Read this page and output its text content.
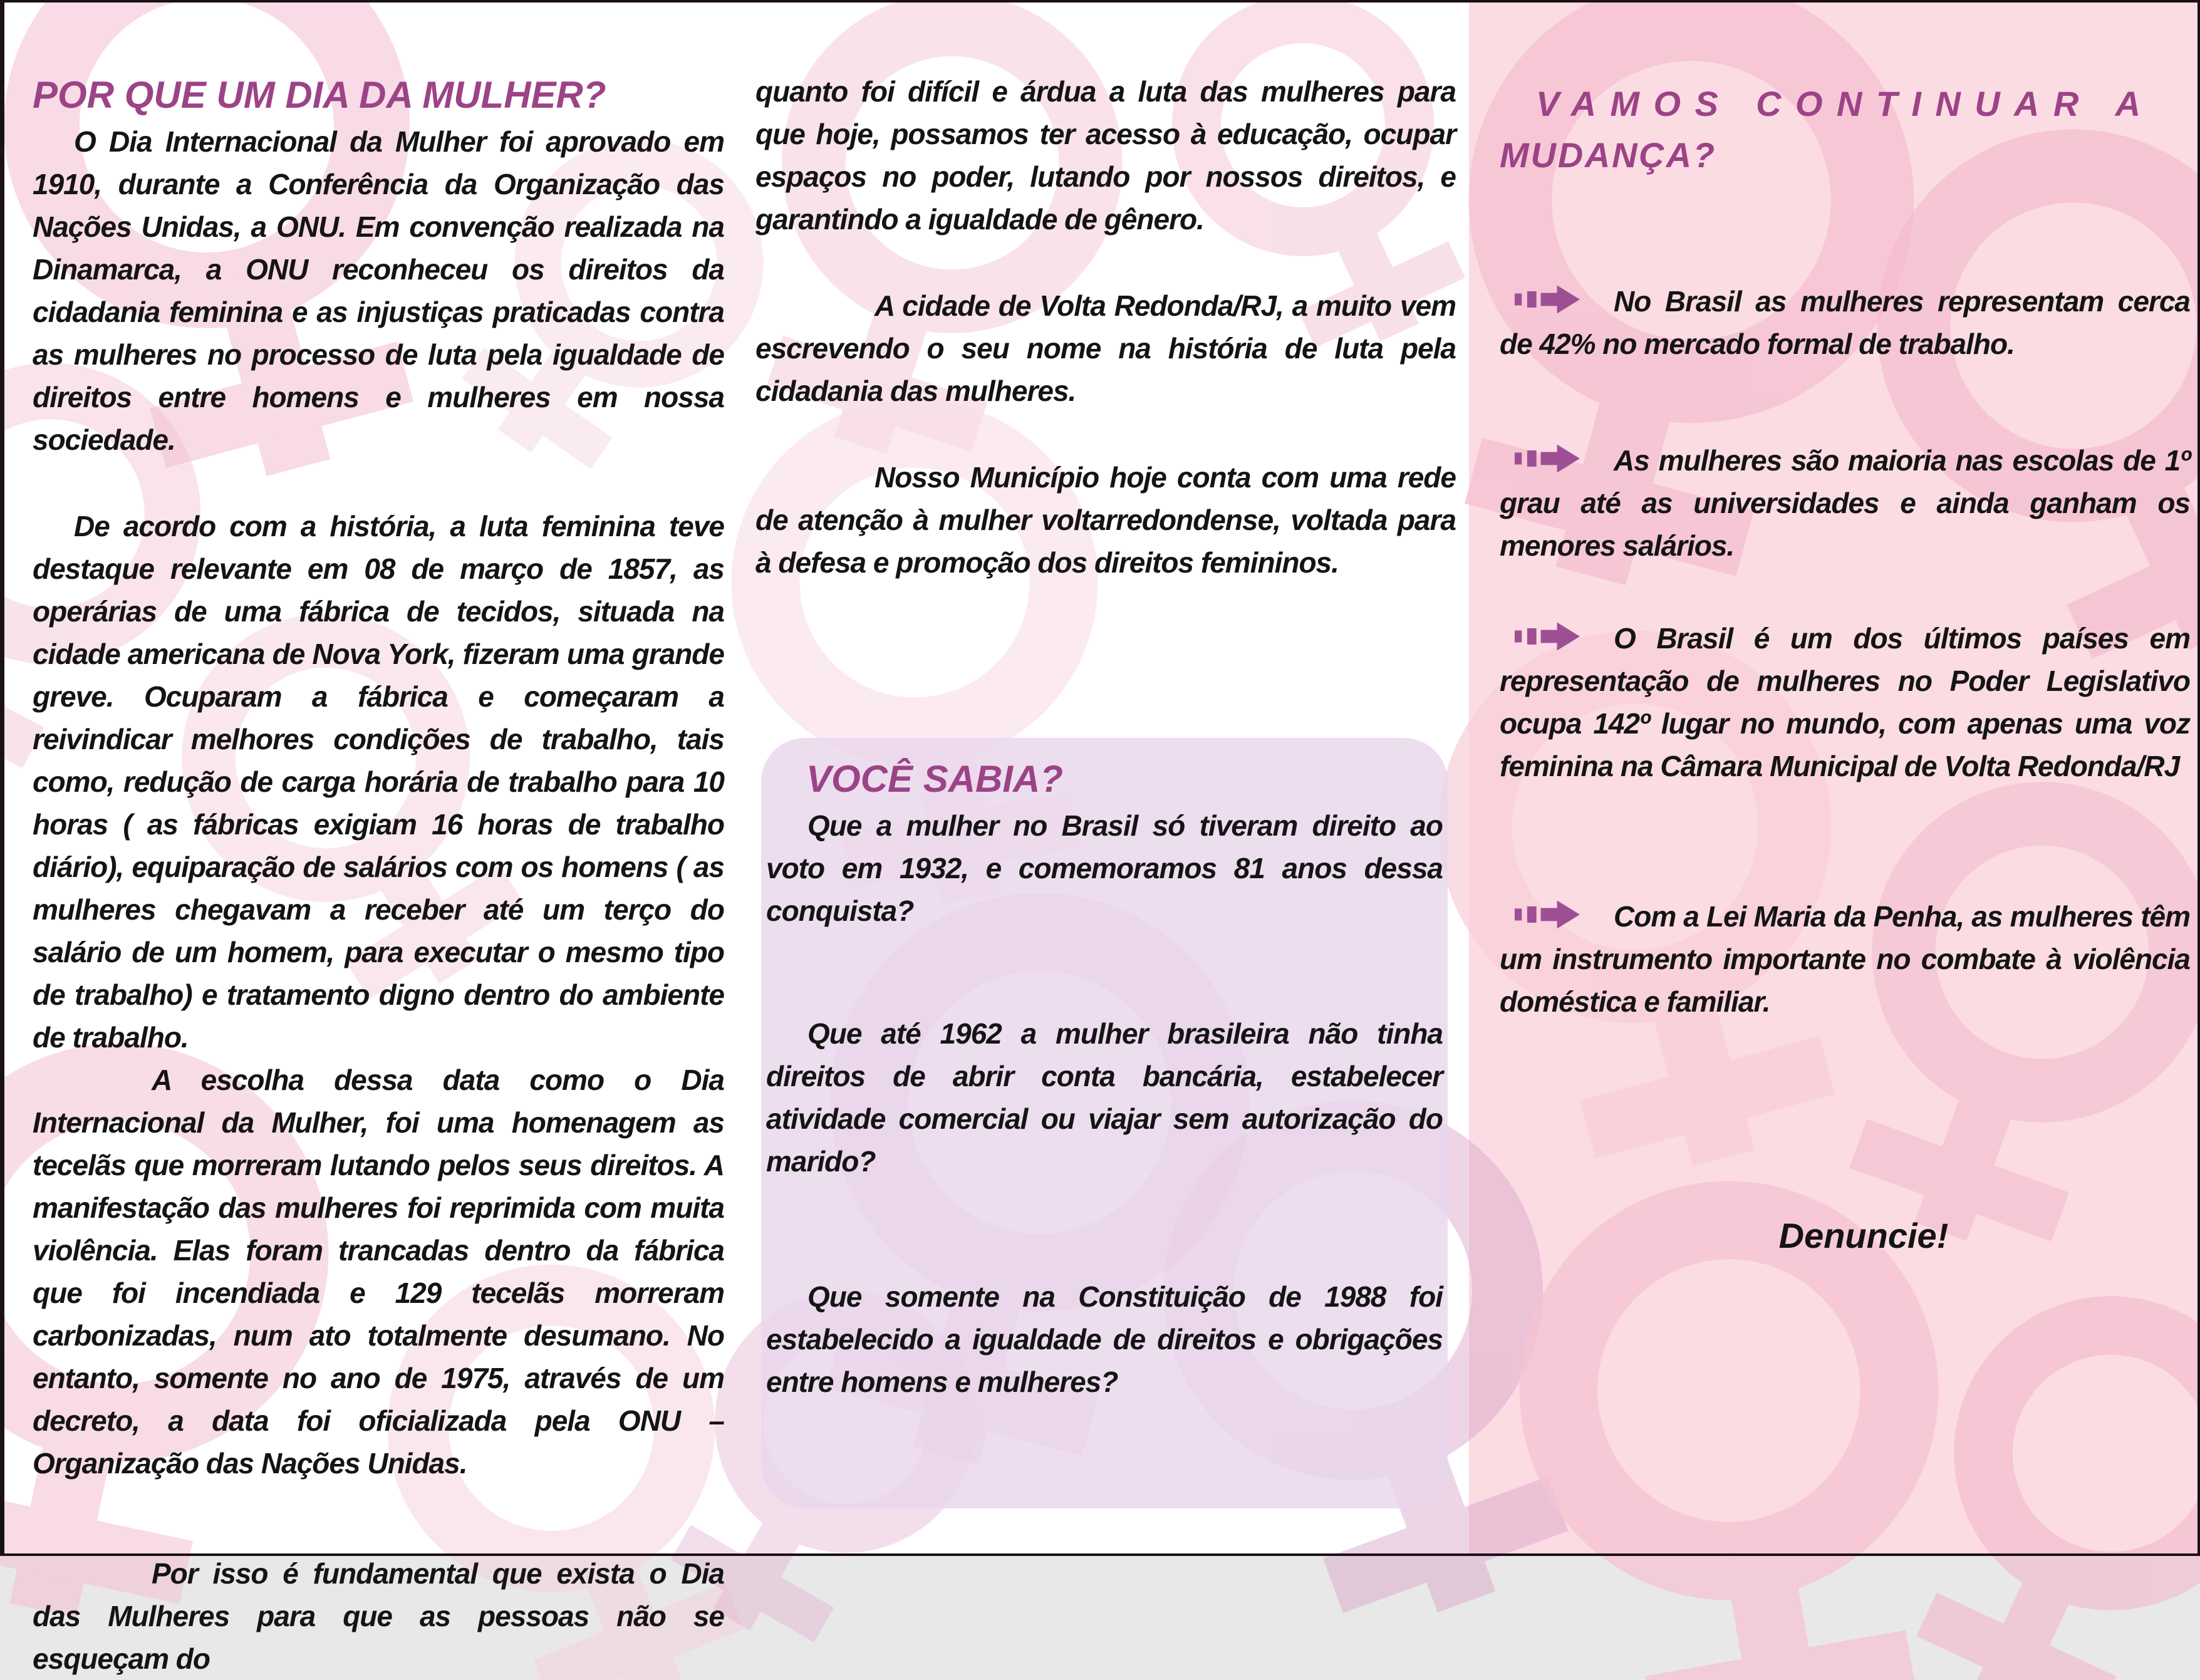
POR QUE UM DIA DA MULHER?

O Dia Internacional da Mulher foi aprovado em 1910, durante a Conferência da Organização das Nações Unidas, a ONU. Em convenção realizada na Dinamarca, a ONU reconheceu os direitos da cidadania feminina e as injustiças praticadas contra as mulheres no processo de luta pela igualdade de direitos entre homens e mulheres em nossa sociedade.

De acordo com a história, a luta feminina teve destaque relevante em 08 de março de 1857, as operárias de uma fábrica de tecidos, situada na cidade americana de Nova York, fizeram uma grande greve. Ocuparam a fábrica e começaram a reivindicar melhores condições de trabalho, tais como, redução de carga horária de trabalho para 10 horas ( as fábricas exigiam 16 horas de trabalho diário), equiparação de salários com os homens ( as mulheres chegavam a receber até um terço do salário de um homem, para executar o mesmo tipo de trabalho) e tratamento digno dentro do ambiente de trabalho.

A escolha dessa data como o Dia Internacional da Mulher, foi uma homenagem as tecelãs que morreram lutando pelos seus direitos. A manifestação das mulheres foi reprimida com muita violência. Elas foram trancadas dentro da fábrica que foi incendiada e 129 tecelãs morreram carbonizadas, num ato totalmente desumano. No entanto, somente no ano de 1975, através de um decreto, a data foi oficializada pela ONU – Organização das Nações Unidas.

Por isso é fundamental que exista o Dia das Mulheres para que as pessoas não se esqueçam do

quanto foi difícil e árdua a luta das mulheres para que hoje, possamos ter acesso à educação, ocupar espaços no poder, lutando por nossos direitos, e garantindo a igualdade de gênero.

A cidade de Volta Redonda/RJ, a muito vem escrevendo o seu nome na história de luta pela cidadania das mulheres.

Nosso Município hoje conta com uma rede de atenção à mulher voltarredondense, voltada para à defesa e promoção dos direitos femininos.

VOCÊ SABIA?

Que a mulher no Brasil só tiveram direito ao voto em 1932, e comemoramos 81 anos dessa conquista?

Que até 1962 a mulher brasileira não tinha direitos de abrir conta bancária, estabelecer atividade comercial ou viajar sem autorização do marido?

Que somente na Constituição de 1988 foi estabelecido a igualdade de direitos e obrigações entre homens e mulheres?

VAMOS CONTINUAR A

MUDANÇA?

No Brasil as mulheres representam cerca de 42% no mercado formal de trabalho.

As mulheres são maioria nas escolas de 1º grau até as universidades e ainda ganham os menores salários.

O Brasil é um dos últimos países em representação de mulheres no Poder Legislativo ocupa 142º lugar no mundo, com apenas uma voz feminina na Câmara Municipal de Volta Redonda/RJ

Com a Lei Maria da Penha, as mulheres têm um instrumento importante no combate à violência doméstica e familiar.

Denuncie!
